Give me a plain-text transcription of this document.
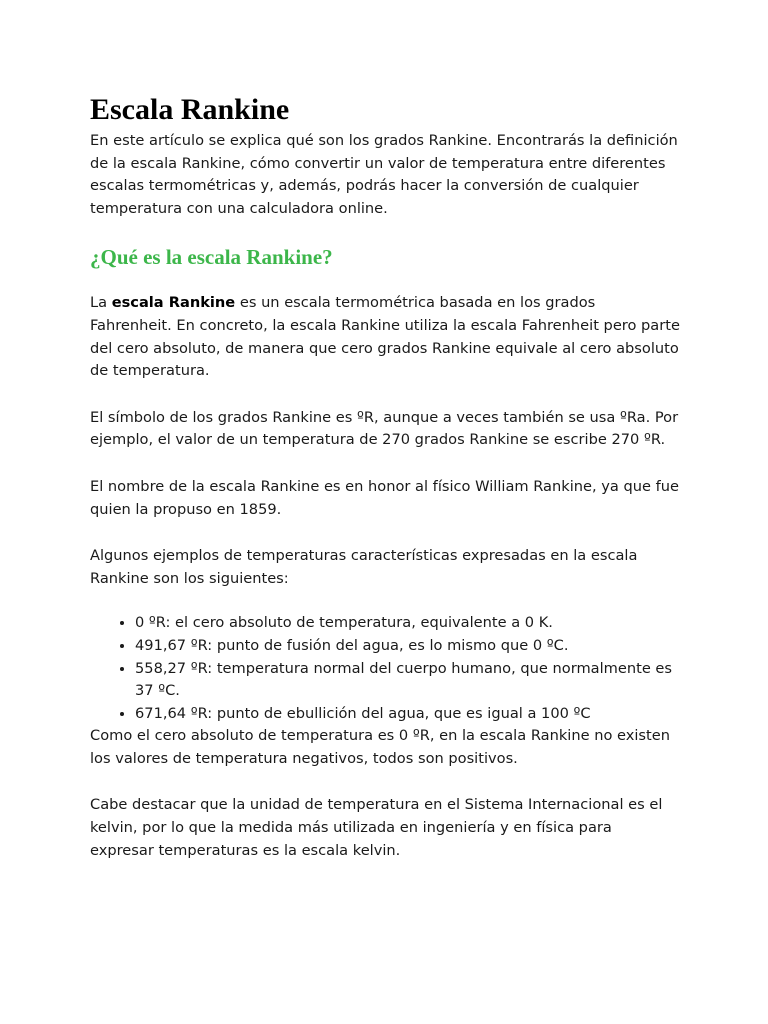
Escala Rankine

En este artículo se explica qué son los grados Rankine. Encontrarás la definición de la escala Rankine, cómo convertir un valor de temperatura entre diferentes escalas termométricas y, además, podrás hacer la conversión de cualquier temperatura con una calculadora online.

¿Qué es la escala Rankine?

La escala Rankine es un escala termométrica basada en los grados Fahrenheit. En concreto, la escala Rankine utiliza la escala Fahrenheit pero parte del cero absoluto, de manera que cero grados Rankine equivale al cero absoluto de temperatura.

El símbolo de los grados Rankine es ºR, aunque a veces también se usa ºRa. Por ejemplo, el valor de un temperatura de 270 grados Rankine se escribe 270 ºR.

El nombre de la escala Rankine es en honor al físico William Rankine, ya que fue quien la propuso en 1859.

Algunos ejemplos de temperaturas características expresadas en la escala Rankine son los siguientes:

• 0 ºR: el cero absoluto de temperatura, equivalente a 0 K.
• 491,67 ºR: punto de fusión del agua, es lo mismo que 0 ºC.
• 558,27 ºR: temperatura normal del cuerpo humano, que normalmente es 37 ºC.
• 671,64 ºR: punto de ebullición del agua, que es igual a 100 ºC

Como el cero absoluto de temperatura es 0 ºR, en la escala Rankine no existen los valores de temperatura negativos, todos son positivos.

Cabe destacar que la unidad de temperatura en el Sistema Internacional es el kelvin, por lo que la medida más utilizada en ingeniería y en física para expresar temperaturas es la escala kelvin.
